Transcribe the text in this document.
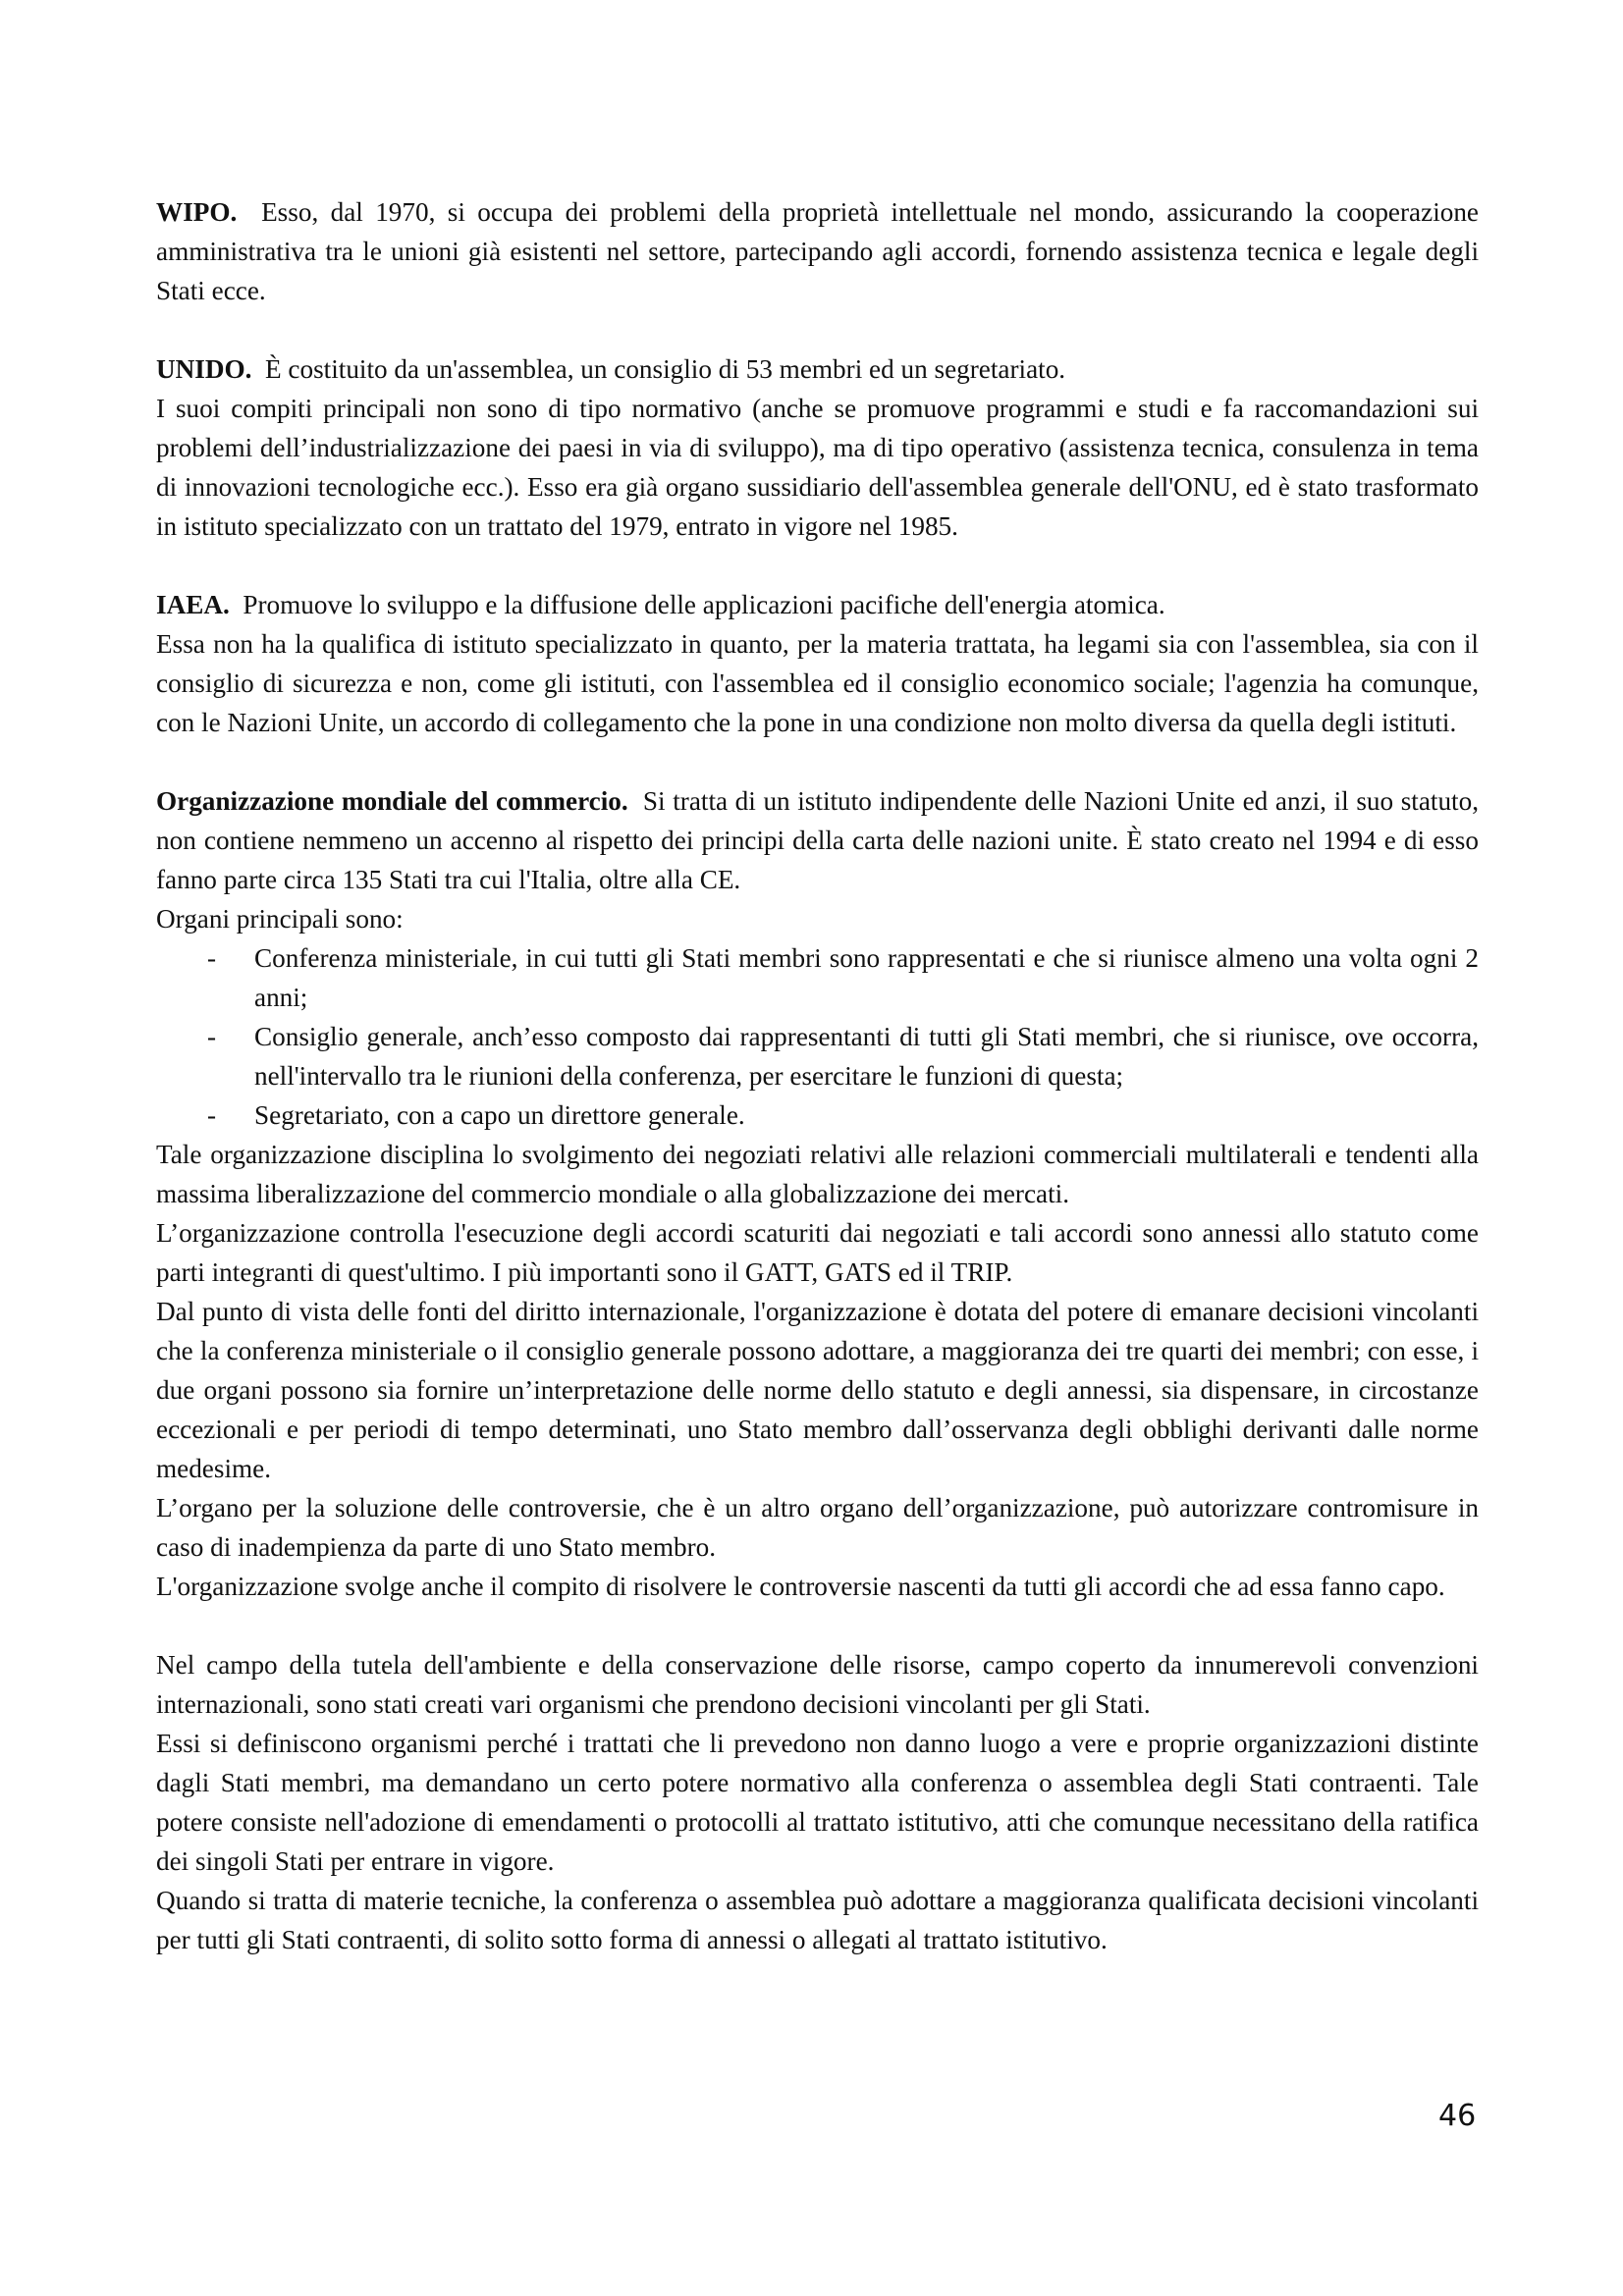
WIPO. Esso, dal 1970, si occupa dei problemi della proprietà intellettuale nel mondo, assicurando la cooperazione amministrativa tra le unioni già esistenti nel settore, partecipando agli accordi, fornendo assistenza tecnica e legale degli Stati ecce.

UNIDO. È costituito da un'assemblea, un consiglio di 53 membri ed un segretariato.

I suoi compiti principali non sono di tipo normativo (anche se promuove programmi e studi e fa raccomandazioni sui problemi dell’industrializzazione dei paesi in via di sviluppo), ma di tipo operativo (assistenza tecnica, consulenza in tema di innovazioni tecnologiche ecc.). Esso era già organo sussidiario dell'assemblea generale dell'ONU, ed è stato trasformato in istituto specializzato con un trattato del 1979, entrato in vigore nel 1985.

IAEA. Promuove lo sviluppo e la diffusione delle applicazioni pacifiche dell'energia atomica.

Essa non ha la qualifica di istituto specializzato in quanto, per la materia trattata, ha legami sia con l'assemblea, sia con il consiglio di sicurezza e non, come gli istituti, con l'assemblea ed il consiglio economico sociale; l'agenzia ha comunque, con le Nazioni Unite, un accordo di collegamento che la pone in una condizione non molto diversa da quella degli istituti.

Organizzazione mondiale del commercio. Si tratta di un istituto indipendente delle Nazioni Unite ed anzi, il suo statuto, non contiene nemmeno un accenno al rispetto dei principi della carta delle nazioni unite. È stato creato nel 1994 e di esso fanno parte circa 135 Stati tra cui l'Italia, oltre alla CE.

Organi principali sono:

- Conferenza ministeriale, in cui tutti gli Stati membri sono rappresentati e che si riunisce almeno una volta ogni 2 anni;
- Consiglio generale, anch’esso composto dai rappresentanti di tutti gli Stati membri, che si riunisce, ove occorra, nell'intervallo tra le riunioni della conferenza, per esercitare le funzioni di questa;
- Segretariato, con a capo un direttore generale.

Tale organizzazione disciplina lo svolgimento dei negoziati relativi alle relazioni commerciali multilaterali e tendenti alla massima liberalizzazione del commercio mondiale o alla globalizzazione dei mercati.

L’organizzazione controlla l'esecuzione degli accordi scaturiti dai negoziati e tali accordi sono annessi allo statuto come parti integranti di quest'ultimo. I più importanti sono il GATT, GATS ed il TRIP.

Dal punto di vista delle fonti del diritto internazionale, l'organizzazione è dotata del potere di emanare decisioni vincolanti che la conferenza ministeriale o il consiglio generale possono adottare, a maggioranza dei tre quarti dei membri; con esse, i due organi possono sia fornire un’interpretazione delle norme dello statuto e degli annessi, sia dispensare, in circostanze eccezionali e per periodi di tempo determinati, uno Stato membro dall’osservanza degli obblighi derivanti dalle norme medesime.

L’organo per la soluzione delle controversie, che è un altro organo dell’organizzazione, può autorizzare contromisure in caso di inadempienza da parte di uno Stato membro.

L'organizzazione svolge anche il compito di risolvere le controversie nascenti da tutti gli accordi che ad essa fanno capo.

Nel campo della tutela dell'ambiente e della conservazione delle risorse, campo coperto da innumerevoli convenzioni internazionali, sono stati creati vari organismi che prendono decisioni vincolanti per gli Stati.

Essi si definiscono organismi perché i trattati che li prevedono non danno luogo a vere e proprie organizzazioni distinte dagli Stati membri, ma demandano un certo potere normativo alla conferenza o assemblea degli Stati contraenti. Tale potere consiste nell'adozione di emendamenti o protocolli al trattato istitutivo, atti che comunque necessitano della ratifica dei singoli Stati per entrare in vigore.

Quando si tratta di materie tecniche, la conferenza o assemblea può adottare a maggioranza qualificata decisioni vincolanti per tutti gli Stati contraenti, di solito sotto forma di annessi o allegati al trattato istitutivo.

46
